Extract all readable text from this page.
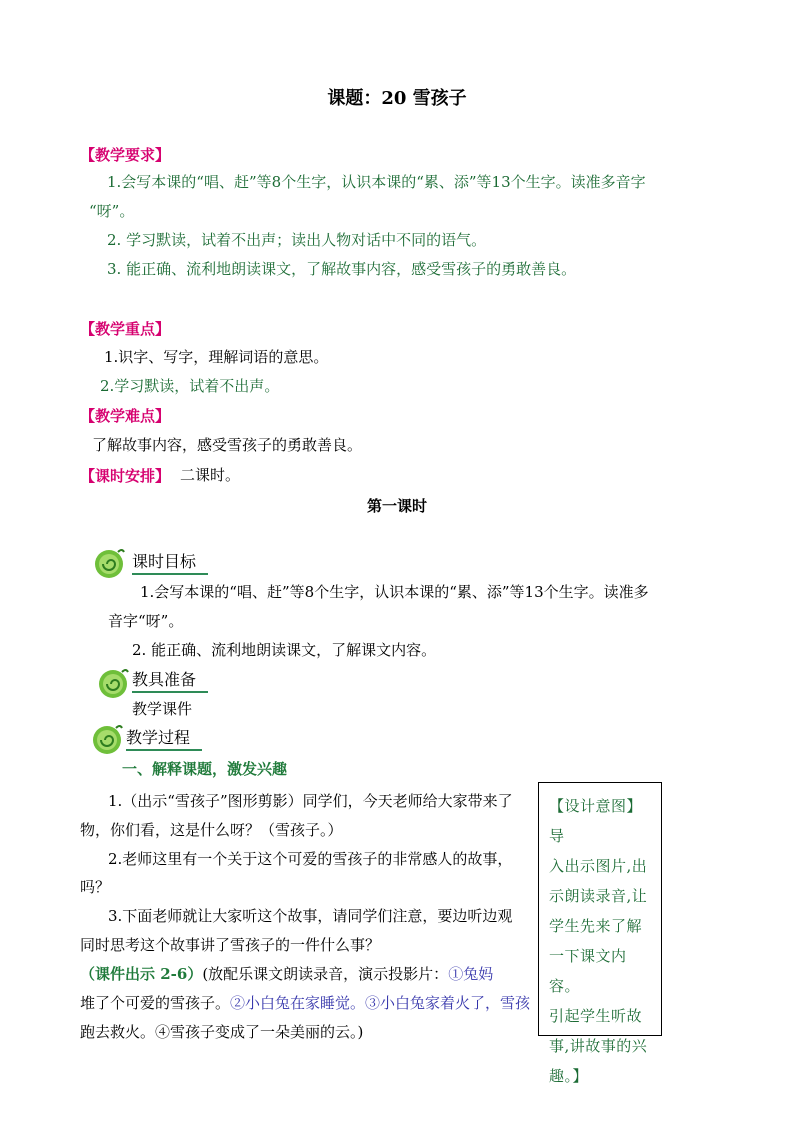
课题：20 雪孩子
【教学要求】
1.会写本课的“唱、赶”等8个生字，认识本课的“累、添”等13个生字。读准多音字
“呀”。
2. 学习默读，试着不出声；读出人物对话中不同的语气。
3. 能正确、流利地朗读课文，了解故事内容，感受雪孩子的勇敢善良。
【教学重点】
1.识字、写字，理解词语的意思。
2.学习默读，试着不出声。
【教学难点】
了解故事内容，感受雪孩子的勇敢善良。
【课时安排】 二课时。
第一课时
课时目标
1.会写本课的“唱、赶”等8个生字，认识本课的“累、添”等13个生字。读准多
音字“呀”。
2. 能正确、流利地朗读课文，了解课文内容。
教具准备
教学课件
教学过程
一、解释课题，激发兴趣
1.（出示“雪孩子”图形剪影）同学们，今天老师给大家带来了
物，你们看，这是什么呀？（雪孩子。）
2.老师这里有一个关于这个可爱的雪孩子的非常感人的故事，
吗？
3.下面老师就让大家听这个故事，请同学们注意，要边听边观
同时思考这个故事讲了雪孩子的一件什么事？
（课件出示 2-6）(放配乐课文朗读录音，演示投影片：①兔妈
堆了个可爱的雪孩子。②小白兔在家睡觉。③小白兔家着火了，雪孩
跑去救火。④雪孩子变成了一朵美丽的云。)
【设计意图】导
入出示图片,出
示朗读录音,让
学生先来了解
一下课文内容。
引起学生听故
事,讲故事的兴
趣。】
